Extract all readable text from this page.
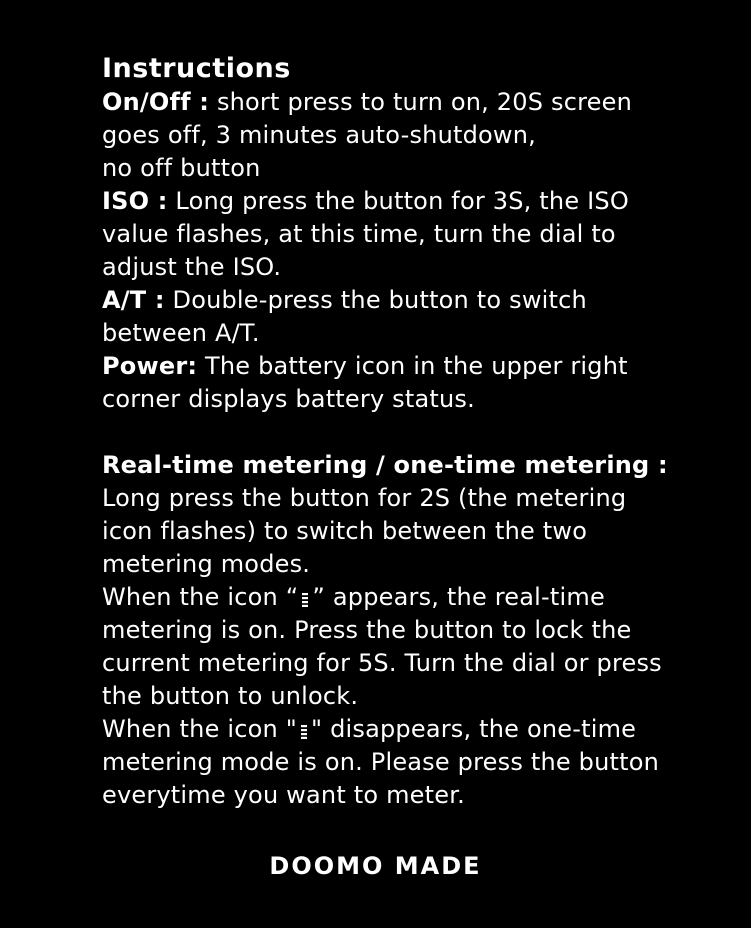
Instructions
On/Off : short press to turn on, 20S screen
goes off, 3 minutes auto-shutdown,
no off button
ISO : Long press the button for 3S, the ISO
value flashes, at this time, turn the dial to
adjust the ISO.
A/T : Double-press the button to switch
between A/T.
Power: The battery icon in the upper right
corner displays battery status.
Real-time metering / one-time metering :
Long press the button for 2S (the metering
icon flashes) to switch between the two
metering modes.
When the icon “ ” appears, the real-time
metering is on. Press the button to lock the
current metering for 5S. Turn the dial or press
the button to unlock.
When the icon " " disappears, the one-time
metering mode is on. Please press the button
everytime you want to meter.
DOOMO MADE
